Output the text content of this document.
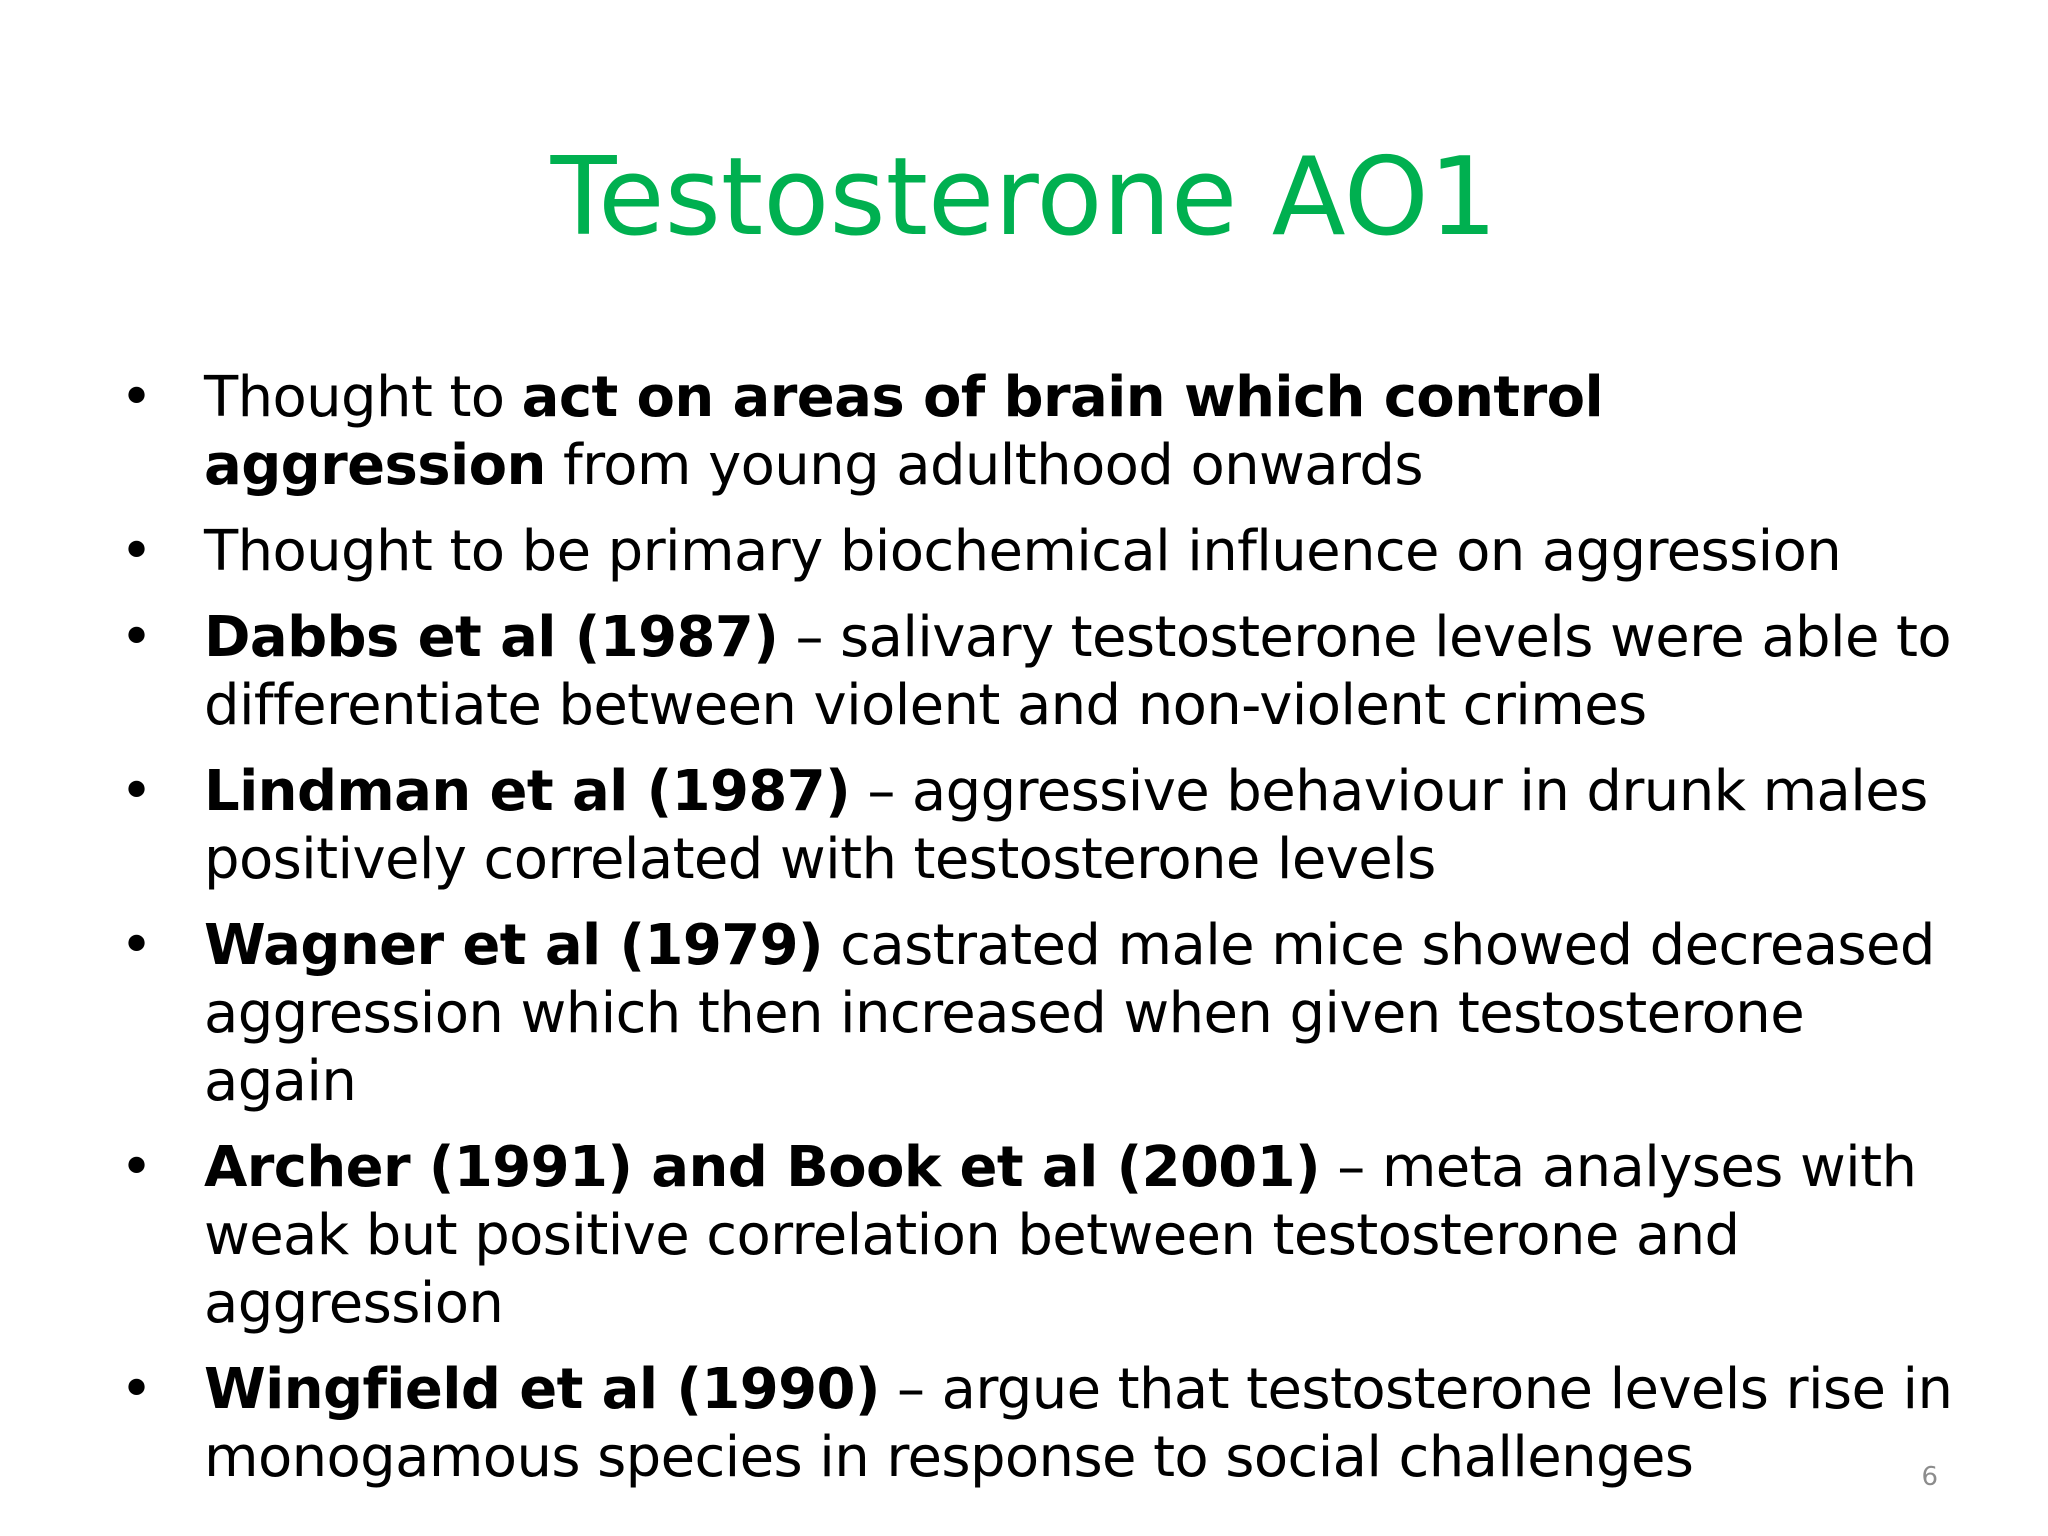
Testosterone AO1
• Thought to act on areas of brain which control aggression from young adulthood onwards
• Thought to be primary biochemical influence on aggression
• Dabbs et al (1987) – salivary testosterone levels were able to differentiate between violent and non-violent crimes
• Lindman et al (1987) – aggressive behaviour in drunk males positively correlated with testosterone levels
• Wagner et al (1979) castrated male mice showed decreased aggression which then increased when given testosterone again
• Archer (1991) and Book et al (2001) – meta analyses with weak but positive correlation between testosterone and aggression
• Wingfield et al (1990) – argue that testosterone levels rise in monogamous species in response to social challenges	6
